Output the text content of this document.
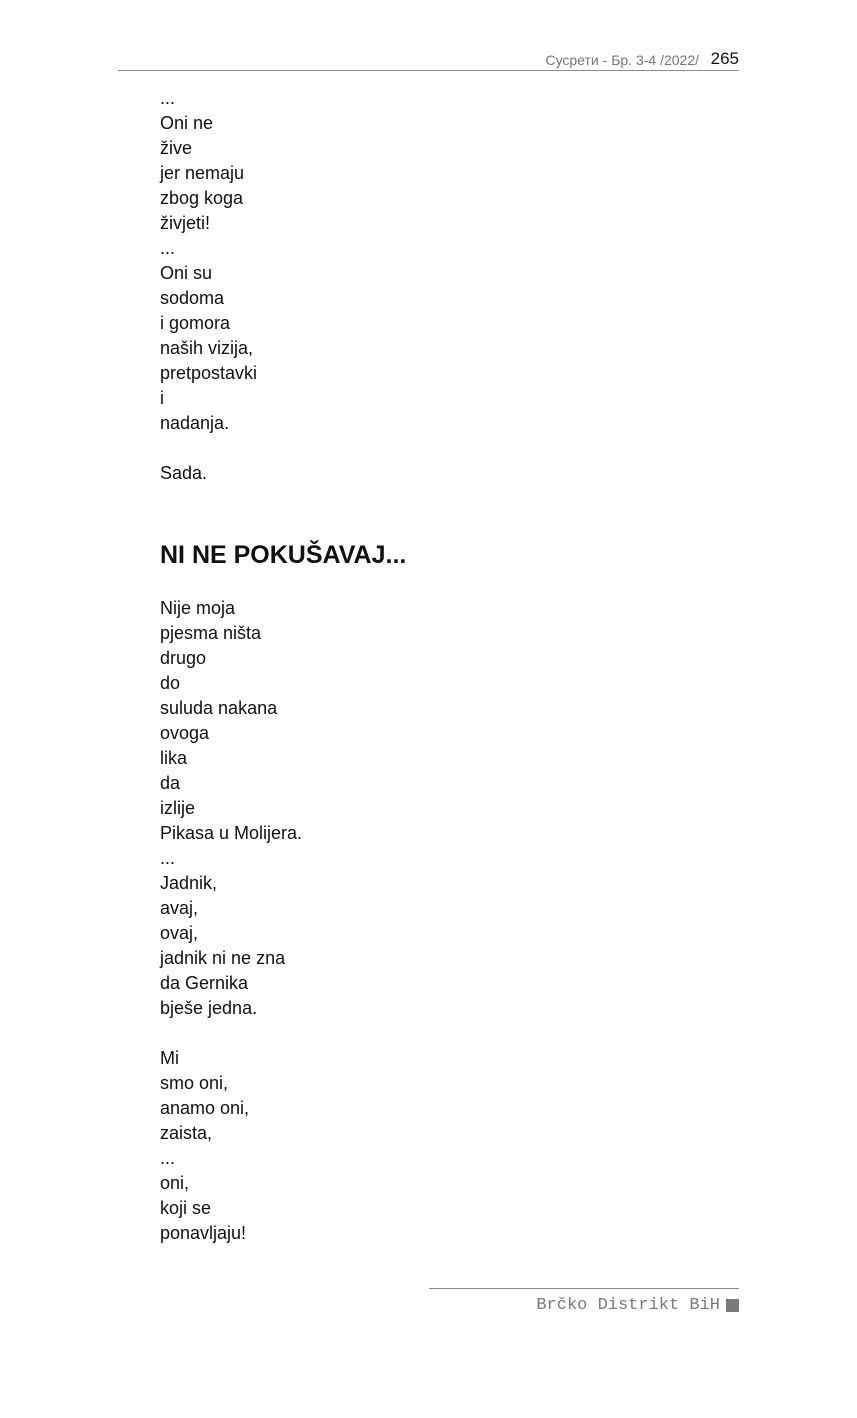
Сусрети - Бр. 3-4 /2022/ 265
...
Oni ne
žive
jer nemaju
zbog koga
živjeti!
...
Oni su
sodoma
i gomora
naših vizija,
pretpostavki
i
nadanja.
Sada.
NI NE POKUŠAVAJ...
Nije moja
pjesma ništa
drugo
do
suluda nakana
ovoga
lika
da
izlije
Pikasa u Molijera.
...
Jadnik,
avaj,
ovaj,
jadnik ni ne zna
da Gernika
bješe jedna.
Mi
smo oni,
anamo oni,
zaista,
...
oni,
koji se
ponavljaju!
Brčko Distrikt BiH
